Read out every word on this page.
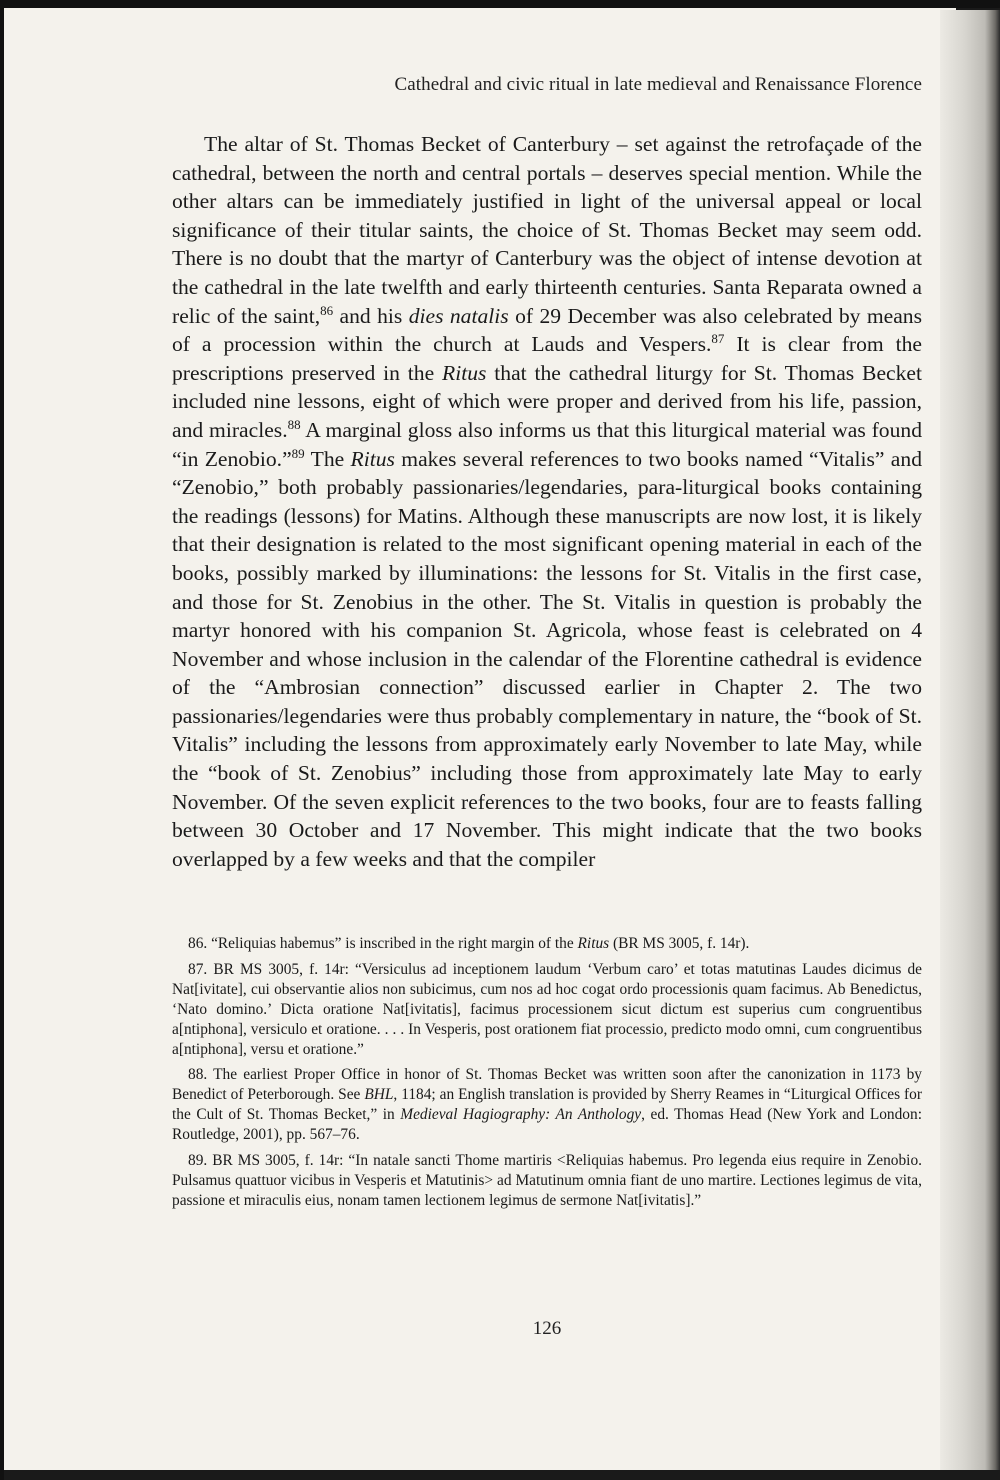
Cathedral and civic ritual in late medieval and Renaissance Florence

The altar of St. Thomas Becket of Canterbury – set against the retrofaçade of the cathedral, between the north and central portals – deserves special mention. While the other altars can be immediately justified in light of the universal appeal or local significance of their titular saints, the choice of St. Thomas Becket may seem odd. There is no doubt that the martyr of Canterbury was the object of intense devotion at the cathedral in the late twelfth and early thirteenth centuries. Santa Reparata owned a relic of the saint,$^{86}$ and his dies natalis of 29 December was also celebrated by means of a procession within the church at Lauds and Vespers.$^{87}$ It is clear from the prescriptions preserved in the Ritus that the cathedral liturgy for St. Thomas Becket included nine lessons, eight of which were proper and derived from his life, passion, and miracles.$^{88}$ A marginal gloss also informs us that this liturgical material was found “in Zenobio.”$^{89}$ The Ritus makes several references to two books named “Vitalis” and “Zenobio,” both probably passionaries/legendaries, para-liturgical books containing the readings (lessons) for Matins. Although these manuscripts are now lost, it is likely that their designation is related to the most significant opening material in each of the books, possibly marked by illuminations: the lessons for St. Vitalis in the first case, and those for St. Zenobius in the other. The St. Vitalis in question is probably the martyr honored with his companion St. Agricola, whose feast is celebrated on 4 November and whose inclusion in the calendar of the Florentine cathedral is evidence of the “Ambrosian connection” discussed earlier in Chapter 2. The two passionaries/legendaries were thus probably complementary in nature, the “book of St. Vitalis” including the lessons from approximately early November to late May, while the “book of St. Zenobius” including those from approximately late May to early November. Of the seven explicit references to the two books, four are to feasts falling between 30 October and 17 November. This might indicate that the two books overlapped by a few weeks and that the compiler

86. “Reliquias habemus” is inscribed in the right margin of the Ritus (BR MS 3005, f. 14r).

87. BR MS 3005, f. 14r: “Versiculus ad inceptionem laudum ‘Verbum caro’ et totas matutinas Laudes dicimus de Nat[ivitate], cui observantie alios non subicimus, cum nos ad hoc cogat ordo processionis quam facimus. Ab Benedictus, ‘Nato domino.’ Dicta oratione Nat[ivitatis], facimus processionem sicut dictum est superius cum congruentibus a[ntiphona], versiculo et oratione. . . . In Vesperis, post orationem fiat processio, predicto modo omni, cum congruentibus a[ntiphona], versu et oratione.”

88. The earliest Proper Office in honor of St. Thomas Becket was written soon after the canonization in 1173 by Benedict of Peterborough. See BHL, 1184; an English translation is provided by Sherry Reames in “Liturgical Offices for the Cult of St. Thomas Becket,” in Medieval Hagiography: An Anthology, ed. Thomas Head (New York and London: Routledge, 2001), pp. 567–76.

89. BR MS 3005, f. 14r: “In natale sancti Thome martiris <Reliquias habemus. Pro legenda eius require in Zenobio. Pulsamus quattuor vicibus in Vesperis et Matutinis> ad Matutinum omnia fiant de uno martire. Lectiones legimus de vita, passione et miraculis eius, nonam tamen lectionem legimus de sermone Nat[ivitatis].”

126
